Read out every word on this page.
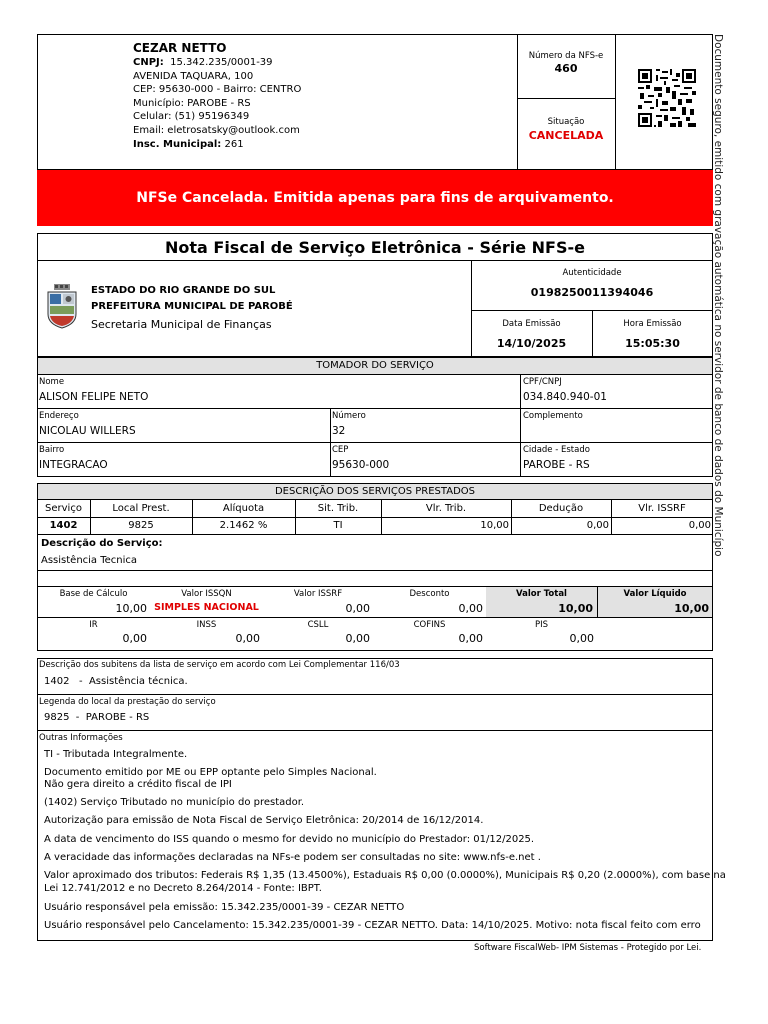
CEZAR NETTO
CNPJ: 15.342.235/0001-39
AVENIDA TAQUARA, 100
CEP: 95630-000 - Bairro: CENTRO
Município: PAROBE - RS
Celular: (51) 95196349
Email: eletrosatsky@outlook.com
Insc. Municipal: 261
Número da NFS-e
460
Situação
CANCELADA
NFSe Cancelada. Emitida apenas para fins de arquivamento.
Nota Fiscal de Serviço Eletrônica - Série NFS-e
ESTADO DO RIO GRANDE DO SUL
PREFEITURA MUNICIPAL DE PAROBÉ
Secretaria Municipal de Finanças
Autenticidade
0198250011394046
Data Emissão
14/10/2025
Hora Emissão
15:05:30
TOMADOR DO SERVIÇO
Nome
ALISON FELIPE NETO
CPF/CNPJ
034.840.940-01
Endereço
NICOLAU WILLERS
Número
32
Complemento
Bairro
INTEGRACAO
CEP
95630-000
Cidade - Estado
PAROBE - RS
DESCRIÇÃO DOS SERVIÇOS PRESTADOS
Serviço	Local Prest.	Alíquota	Sit. Trib.	Vlr. Trib.	Dedução	Vlr. ISSRF
1402	9825	2.1462 %	TI	10,00	0,00	0,00
Descrição do Serviço:
Assistência Tecnica
Base de Cálculo
10,00
Valor ISSQN
SIMPLES NACIONAL
Valor ISSRF
0,00
Desconto
0,00
Valor Total
10,00
Valor Líquido
10,00
IR
0,00
INSS
0,00
CSLL
0,00
COFINS
0,00
PIS
0,00
Descrição dos subitens da lista de serviço em acordo com Lei Complementar 116/03
1402   -  Assistência técnica.
Legenda do local da prestação do serviço
9825  -  PAROBE - RS
Outras Informações
TI - Tributada Integralmente.
Documento emitido por ME ou EPP optante pelo Simples Nacional.
Não gera direito a crédito fiscal de IPI
(1402) Serviço Tributado no município do prestador.
Autorização para emissão de Nota Fiscal de Serviço Eletrônica: 20/2014 de 16/12/2014.
A data de vencimento do ISS quando o mesmo for devido no município do Prestador: 01/12/2025.
A veracidade das informações declaradas na NFs-e podem ser consultadas no site: www.nfs-e.net .
Valor aproximado dos tributos: Federais R$ 1,35 (13.4500%), Estaduais R$ 0,00 (0.0000%), Municipais R$ 0,20 (2.0000%), com base na
Lei 12.741/2012 e no Decreto 8.264/2014 - Fonte: IBPT.
Usuário responsável pela emissão: 15.342.235/0001-39 - CEZAR NETTO
Usuário responsável pelo Cancelamento: 15.342.235/0001-39 - CEZAR NETTO. Data: 14/10/2025. Motivo: nota fiscal feito com erro
Software FiscalWeb- IPM Sistemas - Protegido por Lei.
Documento seguro, emitido com gravação automática no servidor de banco de dados do Município
